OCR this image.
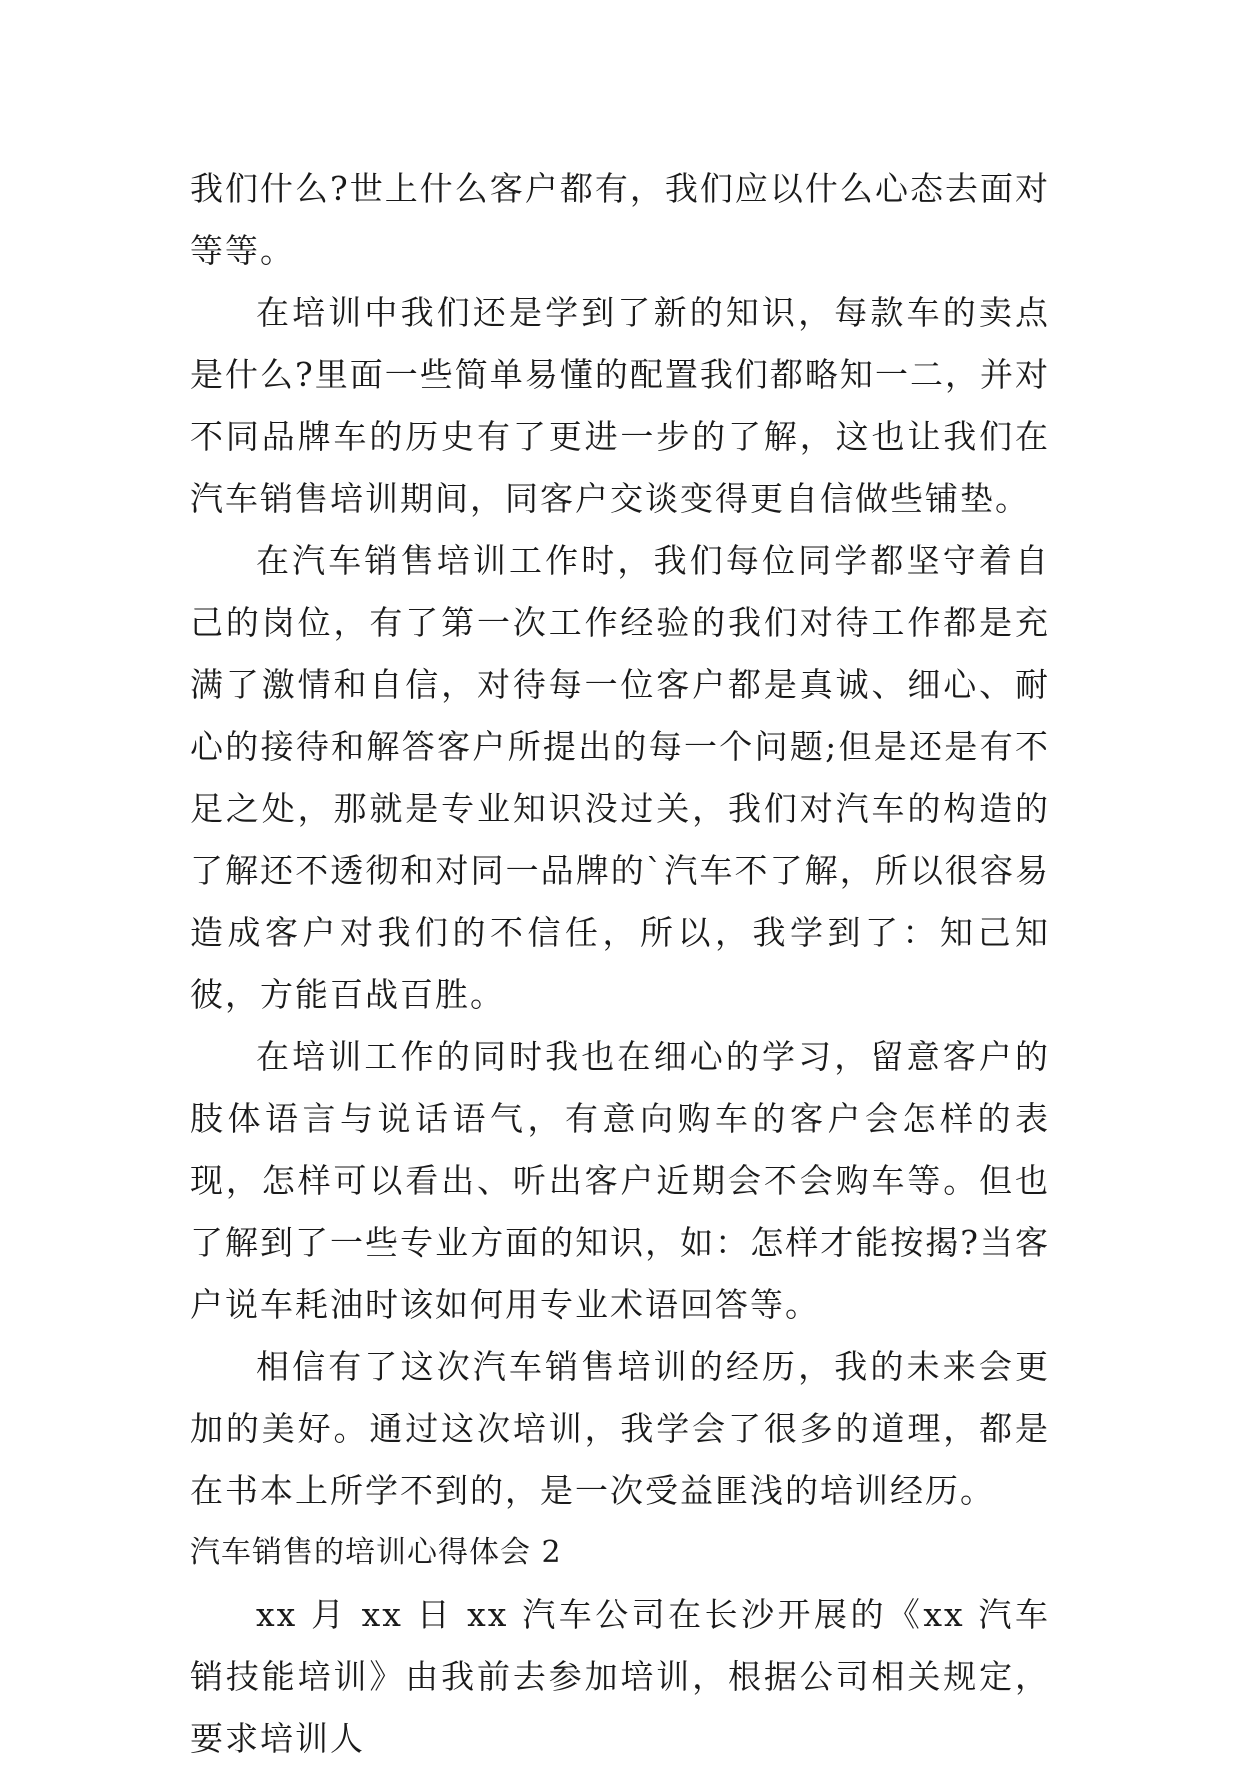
我们什么?世上什么客户都有，我们应以什么心态去面对等等。

在培训中我们还是学到了新的知识，每款车的卖点是什么?里面一些简单易懂的配置我们都略知一二，并对不同品牌车的历史有了更进一步的了解，这也让我们在汽车销售培训期间，同客户交谈变得更自信做些铺垫。

在汽车销售培训工作时，我们每位同学都坚守着自己的岗位，有了第一次工作经验的我们对待工作都是充满了激情和自信，对待每一位客户都是真诚、细心、耐心的接待和解答客户所提出的每一个问题;但是还是有不足之处，那就是专业知识没过关，我们对汽车的构造的了解还不透彻和对同一品牌的`汽车不了解，所以很容易造成客户对我们的不信任，所以，我学到了：知己知彼，方能百战百胜。

在培训工作的同时我也在细心的学习，留意客户的肢体语言与说话语气，有意向购车的客户会怎样的表现，怎样可以看出、听出客户近期会不会购车等。但也了解到了一些专业方面的知识，如：怎样才能按揭?当客户说车耗油时该如何用专业术语回答等。

相信有了这次汽车销售培训的经历，我的未来会更加的美好。通过这次培训，我学会了很多的道理，都是在书本上所学不到的，是一次受益匪浅的培训经历。

汽车销售的培训心得体会 2

xx 月 xx 日 xx 汽车公司在长沙开展的《xx 汽车销技能培训》由我前去参加培训，根据公司相关规定，要求培训人
